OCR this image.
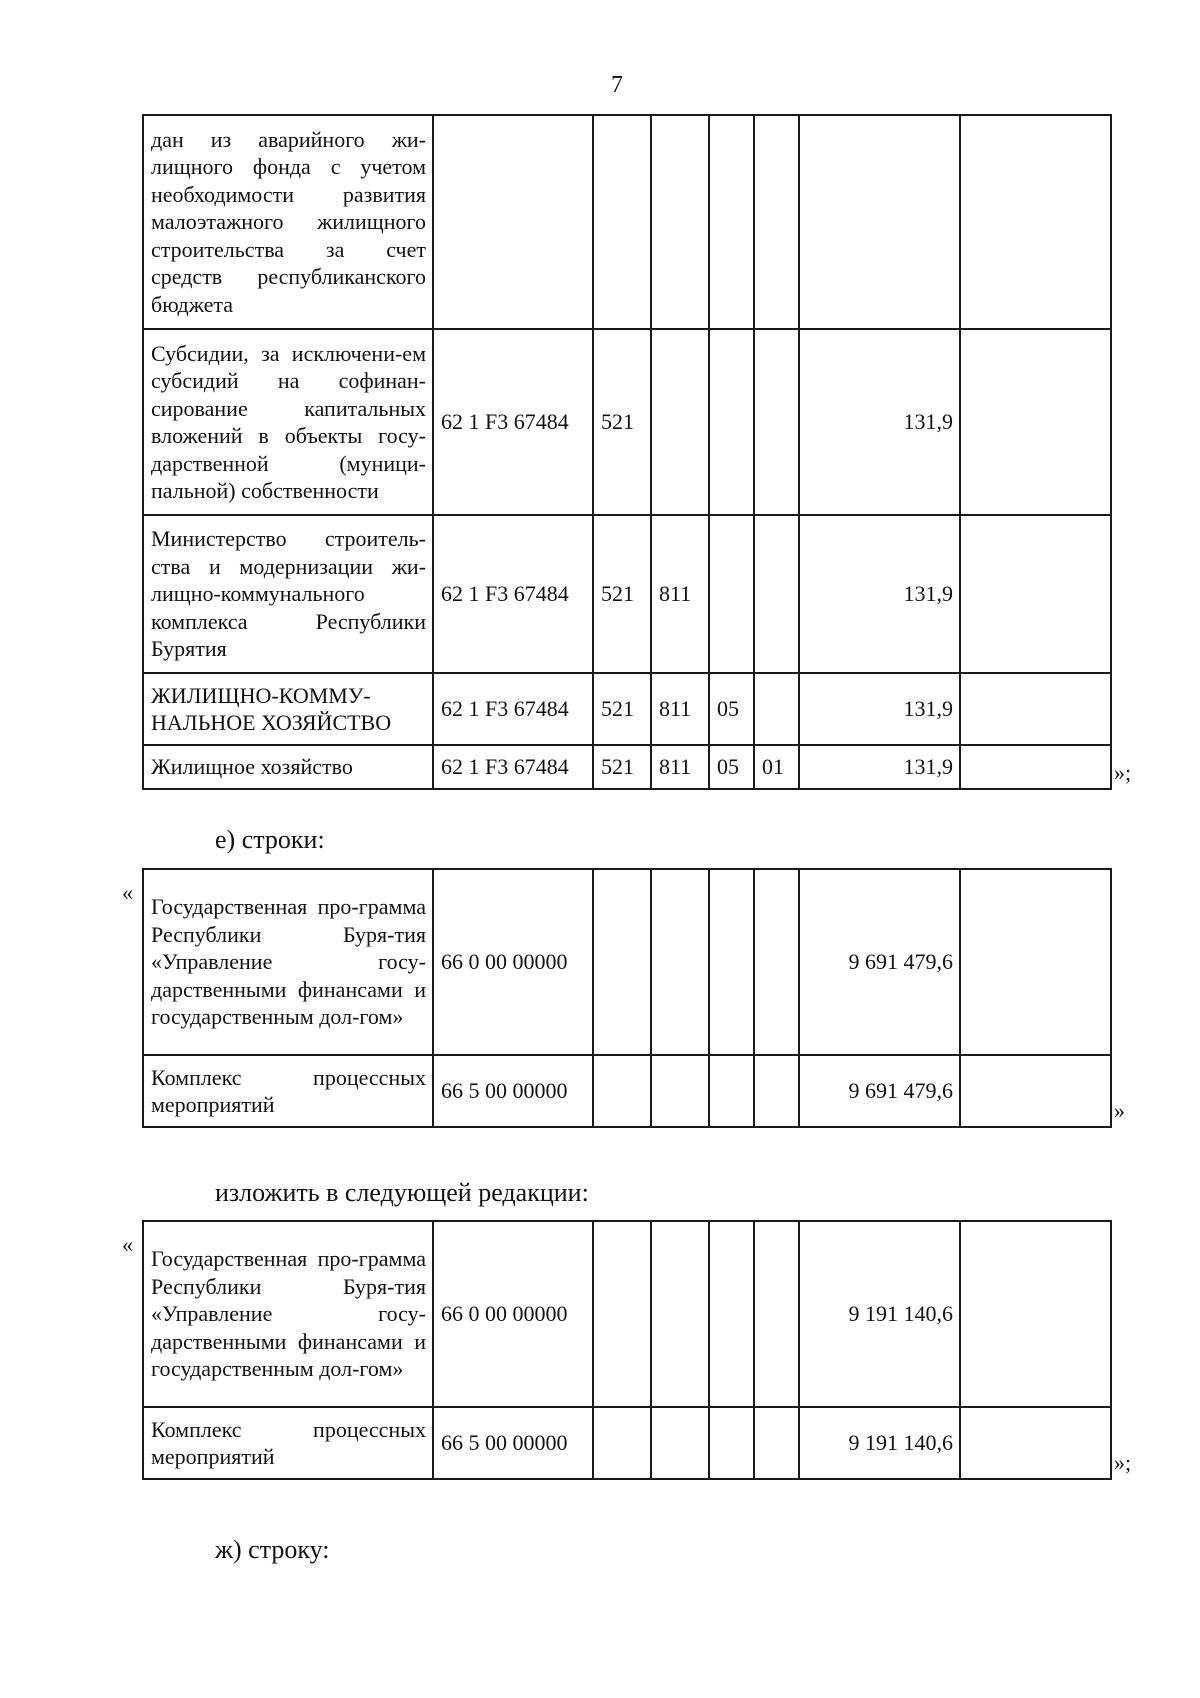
7
дан из аварийного жи-лищного фонда с учетом необходимости развития малоэтажного жилищного строительства за счет средств республиканского бюджета							
Субсидии, за исключени-ем субсидий на софинан-сирование капитальных вложений в объекты госу-дарственной (муници-пальной) собственности	62 1 F3 67484	521				131,9	
Министерство строитель-ства и модернизации жи-лищно-коммунального комплекса Республики Бурятия	62 1 F3 67484	521	811			131,9	
ЖИЛИЩНО-КОММУ-НАЛЬНОЕ ХОЗЯЙСТВО	62 1 F3 67484	521	811	05		131,9	
Жилищное хозяйство	62 1 F3 67484	521	811	05	01	131,9		»;
е) строки:
«
Государственная про-грамма Республики Буря-тия «Управление госу-дарственными финансами и государственным дол-гом»	66 0 00 00000					9 691 479,6	
Комплекс процессных мероприятий	66 5 00 00000					9 691 479,6	
»
изложить в следующей редакции:
«
Государственная про-грамма Республики Буря-тия «Управление госу-дарственными финансами и государственным дол-гом»	66 0 00 00000					9 191 140,6	
Комплекс процессных мероприятий	66 5 00 00000					9 191 140,6	
»;
ж) строку:
